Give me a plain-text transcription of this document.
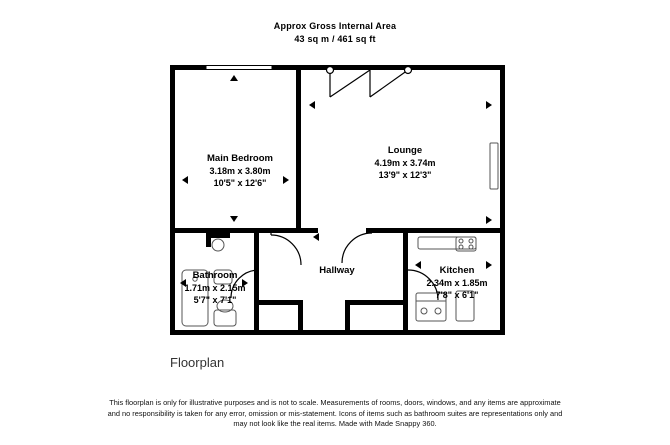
Approx Gross Internal Area
43 sq m / 461 sq ft
Main Bedroom
3.18m x 3.80m
10'5" x 12'6"
Lounge
4.19m x 3.74m
13'9" x 12'3"
Hallway
Bathroom
1.71m x 2.15m
5'7" x 7'1"
Kitchen
2.34m x 1.85m
7'8" x 6'1"
Floorplan
This floorplan is only for illustrative purposes and is not to scale. Measurements of rooms, doors, windows, and any items are approximate
and no responsibility is taken for any error, omission or mis-statement. Icons of items such as bathroom suites are representations only and
may not look like the real items. Made with Made Snappy 360.
